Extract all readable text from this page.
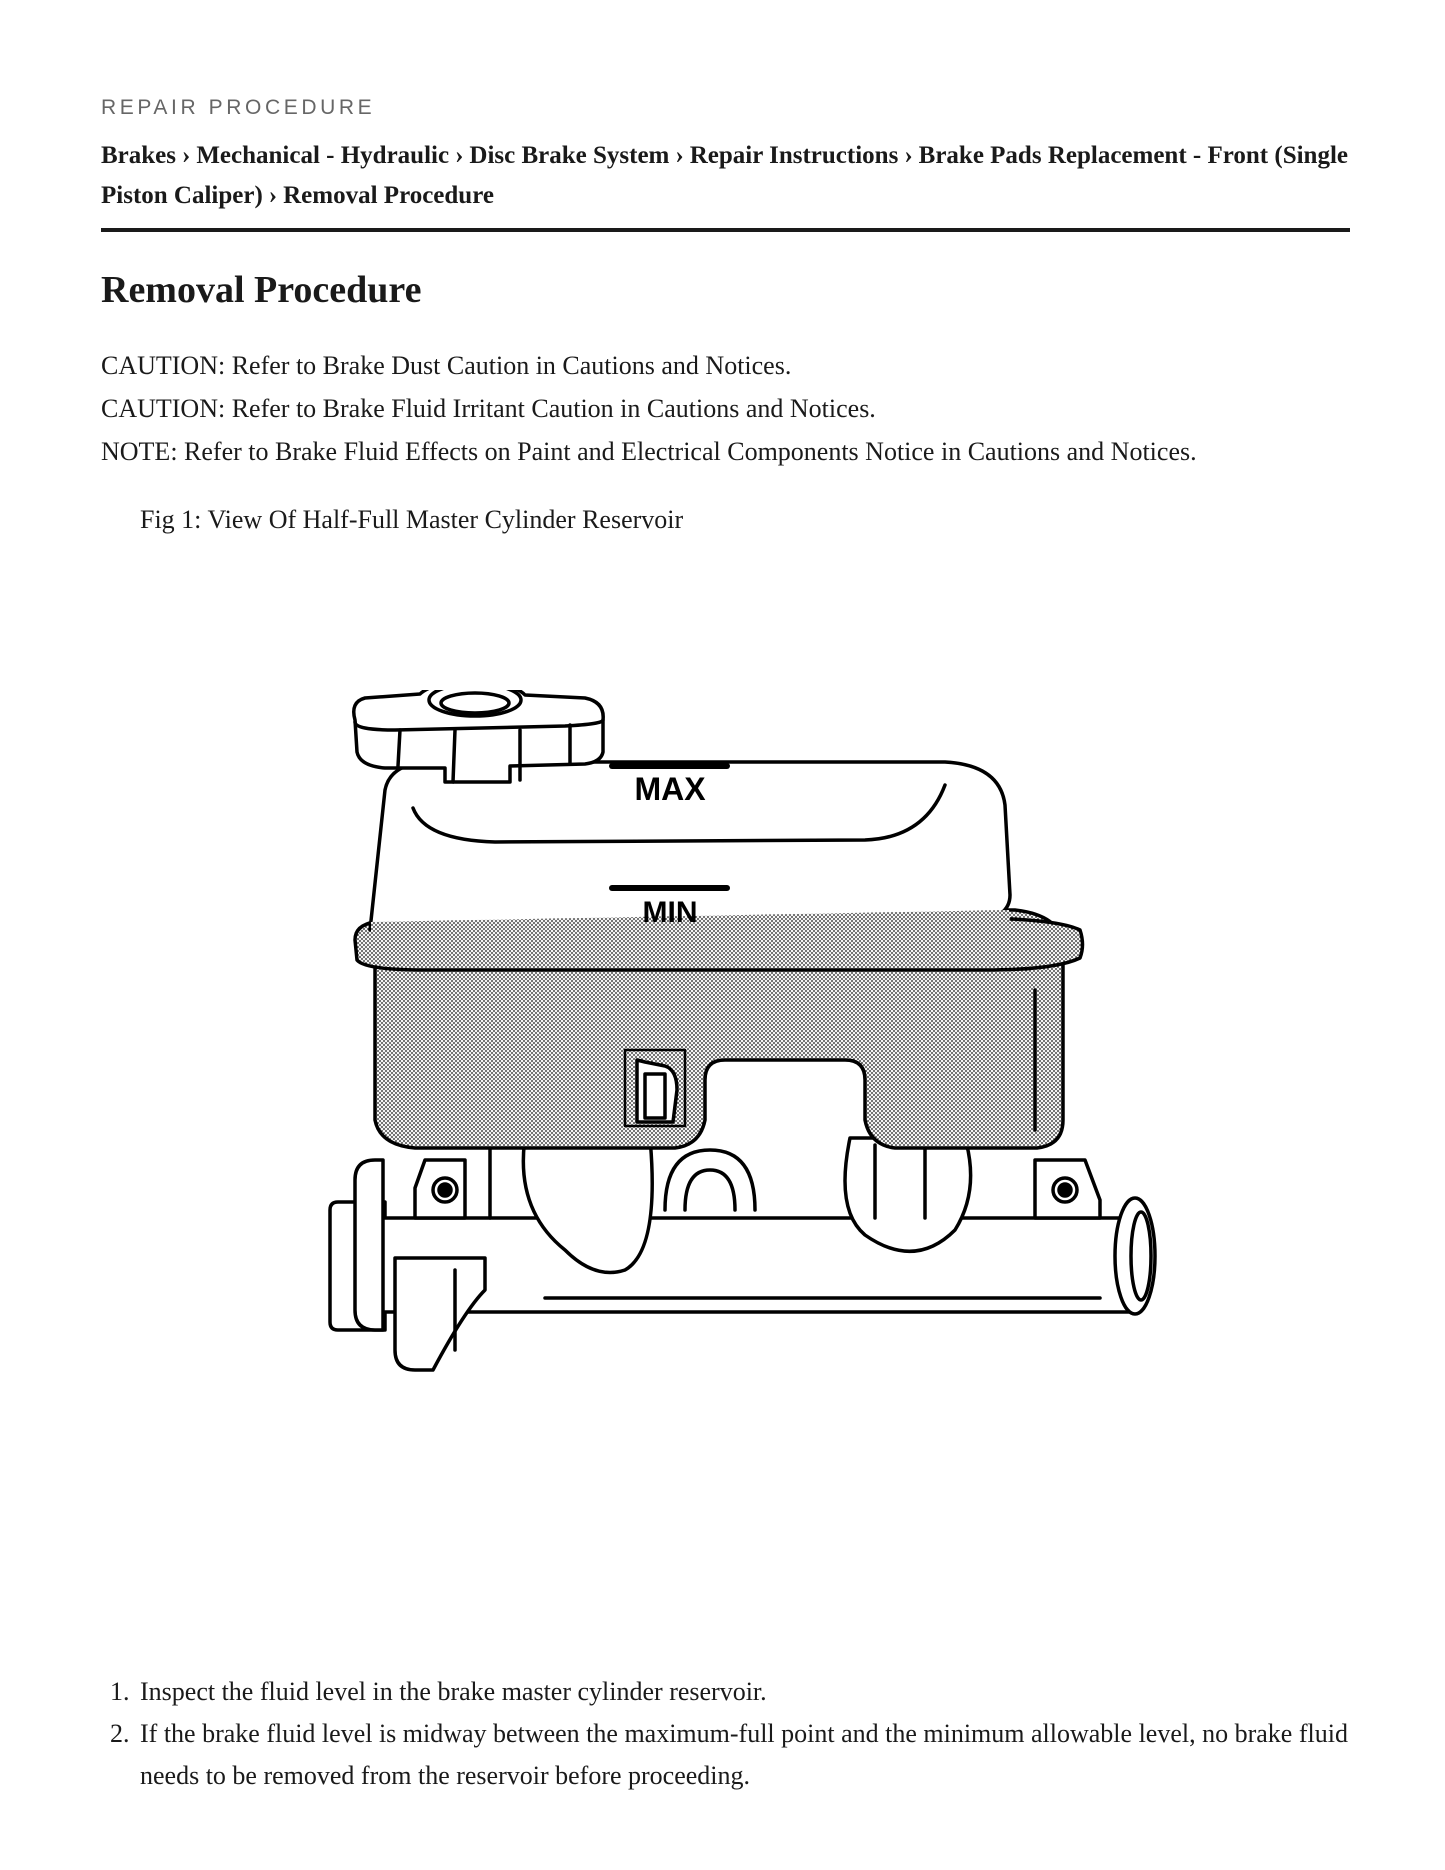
REPAIR PROCEDURE
Brakes › Mechanical - Hydraulic › Disc Brake System › Repair Instructions › Brake Pads Replacement - Front (Single Piston Caliper) › Removal Procedure
Removal Procedure
CAUTION: Refer to Brake Dust Caution in Cautions and Notices.
CAUTION: Refer to Brake Fluid Irritant Caution in Cautions and Notices.
NOTE: Refer to Brake Fluid Effects on Paint and Electrical Components Notice in Cautions and Notices.
Fig 1: View Of Half-Full Master Cylinder Reservoir
MAX
MIN
1. Inspect the fluid level in the brake master cylinder reservoir.
2. If the brake fluid level is midway between the maximum-full point and the minimum allowable level, no brake fluid needs to be removed from the reservoir before proceeding.
